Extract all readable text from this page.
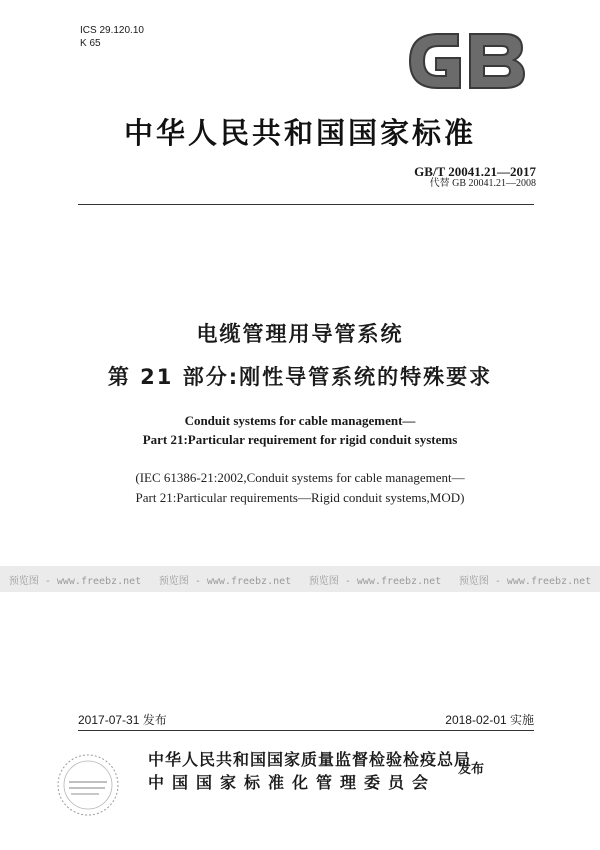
ICS 29.120.10
K 65
中华人民共和国国家标准
GB/T 20041.21—2017
代替 GB 20041.21—2008
电缆管理用导管系统
第 21 部分:刚性导管系统的特殊要求
Conduit systems for cable management—
Part 21:Particular requirement for rigid conduit systems
(IEC 61386-21:2002,Conduit systems for cable management—
Part 21:Particular requirements—Rigid conduit systems,MOD)
预览图 - www.freebz.net 预览图 - www.freebz.net 预览图 - www.freebz.net 预览图 - www.freebz.net
2017-07-31 发布	2018-02-01 实施
中华人民共和国国家质量监督检验检疫总局
中国国家标准化管理委员会
发布
